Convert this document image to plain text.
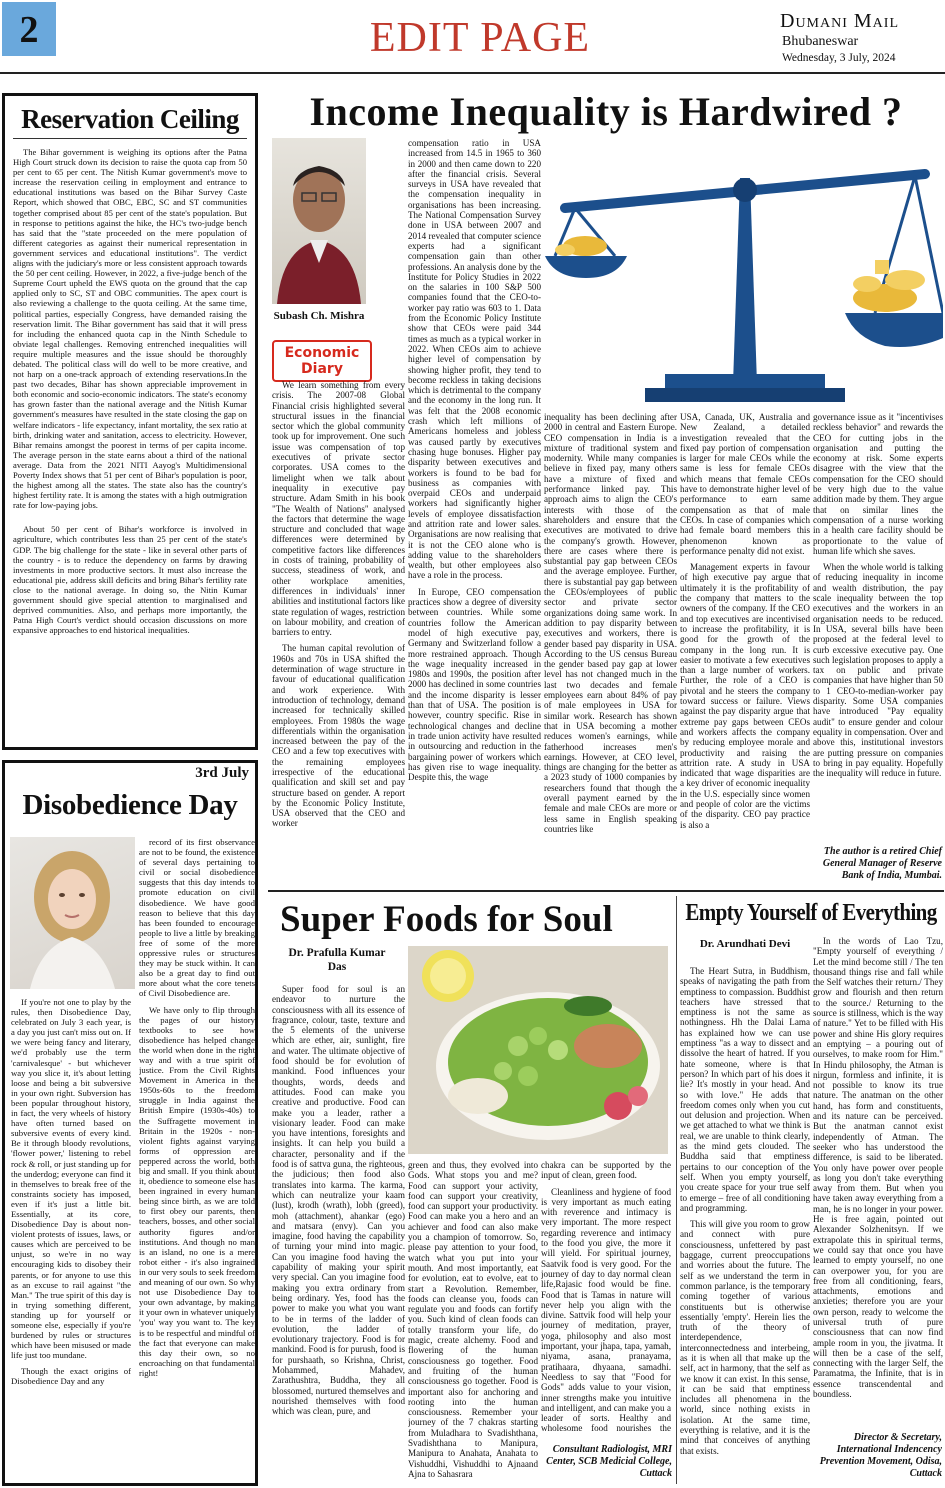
2	EDIT PAGE	Dumani Mail
Bhubaneswar
Wednesday, 3 July, 2024
Reservation Ceiling

The Bihar government is weighing its options after the Patna High Court struck down its decision to raise the quota cap from 50 per cent to 65 per cent. The Nitish Kumar government's move to increase the reservation ceiling in employment and entrance to educational institutions was based on the Bihar Survey Caste Report, which showed that OBC, EBC, SC and ST communities together comprised about 85 per cent of the state's population. But in response to petitions against the hike, the HC's two-judge bench has said that the "state proceeded on the mere population of different categories as against their numerical representation in government services and educational institutions". The verdict aligns with the judiciary's more or less consistent approach towards the 50 per cent ceiling. However, in 2022, a five-judge bench of the Supreme Court upheld the EWS quota on the ground that the cap applied only to SC, ST and OBC communities. The apex court is also reviewing a challenge to the quota ceiling. At the same time, political parties, especially Congress, have demanded raising the reservation limit. The Bihar government has said that it will press for including the enhanced quota cap in the Ninth Schedule to obviate legal challenges. Removing entrenched inequalities will require multiple measures and the issue should be thoroughly debated. The political class will do well to be more creative, and not harp on a one-track approach of extending reservations.In the past two decades, Bihar has shown appreciable improvement in both economic and socio-economic indicators. The state's economy has grown faster than the national average and the Nitish Kumar government's measures have resulted in the state closing the gap on welfare indicators - life expectancy, infant mortality, the sex ratio at birth, drinking water and sanitation, access to electricity. However, Bihar remains amongst the poorest in terms of per capita income. The average person in the state earns about a third of the national average. Data from the 2021 NITI Aayog's Multidimensional Poverty Index shows that 51 per cent of Bihar's population is poor, the highest among all the states. The state also has the country's highest fertility rate. It is among the states with a high outmigration rate for low-paying jobs.

About 50 per cent of Bihar's workforce is involved in agriculture, which contributes less than 25 per cent of the state's GDP. The big challenge for the state - like in several other parts of the country - is to reduce the dependency on farms by drawing investments in more productive sectors. It must also increase the educational pie, address skill deficits and bring Bihar's fertility rate close to the national average. In doing so, the Nitin Kumar government should give special attention to marginalised and deprived communities. Also, and perhaps more importantly, the Patna High Court's verdict should occasion discussions on more expansive approaches to end historical inequalities.

3rd July
Disobedience Day

If you're not one to play by the rules, then Disobedience Day, celebrated on July 3 each year, is a day you just can't miss out on. If we were being fancy and literary, we'd probably use the term 'carnivalesque' - but whichever way you slice it, it's about letting loose and being a bit subversive in your own right. Subversion has been popular throughout history, in fact, the very wheels of history have often turned based on subversive events of every kind. Be it through bloody revolutions, 'flower power,' listening to rebel rock & roll, or just standing up for the underdog; everyone can find it in themselves to break free of the constraints society has imposed, even if it's just a little bit. Essentially, at its core, Disobedience Day is about non-violent protests of issues, laws, or causes which are perceived to be unjust, so we're in no way encouraging kids to disobey their parents, or for anyone to use this as an excuse to rail against "the Man." The true spirit of this day is in trying something different, standing up for yourself or someone else, especially if you're burdened by rules or structures which have been misused or made life just too mundane.

Though the exact origins of Disobedience Day and any

record of its first observance are not to be found, the existence of several days pertaining to civil or social disobedience suggests that this day intends to promote education on civil disobedience. We have good reason to believe that this day has been founded to encourage people to live a little by breaking free of some of the more oppressive rules or structures they may be stuck within. It can also be a great day to find out more about what the core tenets of Civil Disobedience are.

We have only to flip through the pages of our history textbooks to see how disobedience has helped change the world when done in the right way and with a true spirit of justice. From the Civil Rights Movement in America in the 1950s-60s to the freedom struggle in India against the British Empire (1930s-40s) to the Suffragette movement in Britain in the 1920s - non-violent fights against varying forms of oppression are peppered across the world, both big and small. If you think about it, obedience to someone else has been ingrained in every human being since birth, as we are told to first obey our parents, then teachers, bosses, and other social authority figures and/or institutions. And though no man is an island, no one is a mere robot either - it's also ingrained in our very souls to seek freedom and meaning of our own. So why not use Disobedience Day to your own advantage, by making it your own in whatever uniquely 'you' way you want to. The key is to be respectful and mindful of the fact that everyone can make this day their own, so no encroaching on that fundamental right!

Income Inequality is Hardwired ?
Subash Ch. Mishra
Economic Diary

We learn something from every crisis. The 2007-08 Global Financial crisis highlighted several structural issues in the financial sector which the global community took up for improvement. One such issue was compensation of top executives of private sector corporates. USA comes to the limelight when we talk about inequality in executive pay structure. Adam Smith in his book "The Wealth of Nations" analysed the factors that determine the wage structure and concluded that wage differences were determined by competitive factors like differences in costs of training, probability of success, steadiness of work, and other workplace amenities, differences in individuals' inner abilities and institutional factors like state regulation of wages, restriction on labour mobility, and creation of barriers to entry.

The human capital revolution of 1960s and 70s in USA shifted the determination of wage structure in favour of educational qualification and work experience. With introduction of technology, demand increased for technically skilled employees. From 1980s the wage differentials within the organisation increased between the pay of the CEO and a few top executives with the remaining employees irrespective of the educational qualification and skill set and pay structure based on gender. A report by the Economic Policy Institute, USA observed that the CEO and worker

compensation ratio in USA increased from 14.5 in 1965 to 360 in 2000 and then came down to 220 after the financial crisis. Several surveys in USA have revealed that the compensation inequality in organisations has been increasing. The National Compensation Survey done in USA between 2007 and 2014 revealed that computer science experts had a significant compensation gain than other professions. An analysis done by the Institute for Policy Studies in 2022 on the salaries in 100 S&P 500 companies found that the CEO-to-worker pay ratio was 603 to 1. Data from the Economic Policy Institute show that CEOs were paid 344 times as much as a typical worker in 2022. When CEOs aim to achieve higher level of compensation by showing higher profit, they tend to become reckless in taking decisions which is detrimental to the company and the economy in the long run. It was felt that the 2008 economic crash which left millions of Americans homeless and jobless was caused partly by executives chasing huge bonuses. Higher pay disparity between executives and workers is found to be bad for business as companies with overpaid CEOs and underpaid workers had significantly higher levels of employee dissatisfaction and attrition rate and lower sales. Organisations are now realising that it is not the CEO alone who is adding value to the shareholders wealth, but other employees also have a role in the process.

In Europe, CEO compensation practices show a degree of diversity between countries. While some countries follow the American model of high executive pay, Germany and Switzerland follow a more restrained approach. Though the wage inequality increased in 1980s and 1990s, the position after 2000 has declined in some countries and the income disparity is lesser than that of USA. The position is however, country specific. Rise in technological changes and decline in trade union activity have resulted in outsourcing and reduction in the bargaining power of workers which has given rise to wage inequality. Despite this, the wage

inequality has been declining after 2000 in central and Eastern Europe. CEO compensation in India is a mixture of traditional system and modernity. While many companies believe in fixed pay, many others have a mixture of fixed and performance linked pay. This approach aims to align the CEO's interests with those of the shareholders and ensure that the executives are motivated to drive the company's growth. However, there are cases where there is substantial pay gap between CEOs and the average employee. Further, there is substantial pay gap between the CEOs/employees of public sector and private sector organizations doing same work. In addition to pay disparity between executives and workers, there is gender based pay disparity in USA. According to the US census Bureau the gender based pay gap at lower level has not changed much in the last two decades and female employees earn about 84% of pay of male employees in USA for similar work. Research has shown that in USA becoming a mother reduces women's earnings, while fatherhood increases men's earnings. However, at CEO level, things are changing for the better as a 2023 study of 1000 companies by researchers found that though the overall payment earned by the female and male CEOs are more or less same in English speaking countries like

USA, Canada, UK, Australia and New Zealand, a detailed investigation revealed that the fixed pay portion of compensation is larger for male CEOs while the same is less for female CEOs which means that female CEOs have to demonstrate higher level of performance to earn same compensation as that of male CEOs. In case of companies which had female board members this phenomenon known as performance penalty did not exist.

Management experts in favour of high executive pay argue that ultimately it is the profitability of the company that matters to the owners of the company. If the CEO and top executives are incentivised to increase the profitability, it is good for the growth of the company in the long run. It is easier to motivate a few executives than a large number of workers. Further, the role of a CEO is pivotal and he steers the company toward success or failure. Views against the pay disparity argue that extreme pay gaps between CEOs and workers affects the company by reducing employee morale and productivity and raising the attrition rate. A study in USA indicated that wage disparities are a key driver of economic inequality in the U.S. especially since women and people of color are the victims of the disparity. CEO pay practice is also a

governance issue as it "incentivises reckless behavior" and rewards the CEO for cutting jobs in the organisation and putting the economy at risk. Some experts disagree with the view that the compensation for the CEO should be very high due to the value addition made by them. They argue that on similar lines the compensation of a nurse working in a health care facility should be proportionate to the value of human life which she saves.

When the whole world is talking of reducing inequality in income and wealth distribution, the pay scale inequality between the top executives and the workers in an organisation needs to be reduced. In USA, several bills have been proposed at the federal level to curb excessive executive pay. One such legislation proposes to apply a tax on public and private companies that have higher than 50 to 1 CEO-to-median-worker pay disparity. Some USA companies have introduced "Pay equality audit" to ensure gender and colour equality in compensation. Over and above this, institutional investors are putting pressure on companies to bring in pay equality. Hopefully the inequality will reduce in future.

The author is a retired Chief
General Manager of Reserve
Bank of India, Mumbai.
Super Foods for Soul
Dr. Prafulla Kumar
Das

Super food for soul is an endeavor to nurture the consciousness with all its essence of fragrance, colour, taste, texture and the 5 elements of the universe which are ether, air, sunlight, fire and water. The ultimate objective of food should be for evolution of mankind. Food influences your thoughts, words, deeds and attitudes. Food can make you creative and productive. Food can make you a leader, rather a visionary leader. Food can make you have intentions, foresights and insights. It can help you build a character, personality and if the food is of sattva guna, the righteous, the judicious; then food also translates into karma. The karma, which can neutralize your kaam (lust), krodh (wrath), lobh (greed), moh (attachment), ahankar (ego) and matsara (envy). Can you imagine, food having the capability of turning your mind into magic. Can you imagine food having the capability of making your spirit very special. Can you imagine food making you extra ordinary from being ordinary. Yes, food has the power to make you what you want to be in terms of the ladder of evolution, the ladder of evolutionary trajectory. Food is for mankind. Food is for purush, food is for purshaath, so Krishna, Christ, Mohammed, Mahadev, Zarathushtra, Buddha, they all blossomed, nurtured themselves and nourished themselves with food which was clean, pure, and

green and thus, they evolved into Gods. What stops you and me? Food can support your activity, food can support your creativity, food can support your productivity. Food can make you a hero and an achiever and food can also make you a champion of tomorrow. So, please pay attention to your food, watch what you put into your mouth. And most importantly, eat for evolution, eat to evolve, eat to start a Revolution. Remember, foods can cleanse you, foods can regulate you and foods can fortify you. Such kind of clean foods can totally transform your life, do magic, create alchemy. Food and flowering of the human consciousness go together. Food and fruiting of the human consciousness go together. Food is important also for anchoring and rooting into the human consciousness. Remember your journey of the 7 chakras starting from Muladhara to Svadishthana, Svadishthana to Manipura, Manipura to Anahata, Anahata to Vishuddhi, Vishuddhi to Ajnaand Ajna to Sahasrara

chakra can be supported by the input of clean, green food.

Cleanliness and hygiene of food is very important as much eating with reverence and intimacy is very important. The more respect regarding reverence and intimacy to the food you give, the more it will yield. For spiritual journey, Saatvik food is very good. For the journey of day to day normal clean life,Rajasic food would be fine. Food that is Tamas in nature will never help you align with the divine. Sattvik food will help your journey of meditation, prayer, yoga, philosophy and also most important, your jhapa, tapa, yamah, niyama, asana, pranayama, pratihaara, dhyaana, samadhi. Needless to say that "Food for Gods" adds value to your vision, inner strengths make you intuitive and intelligent, and can make you a leader of sorts. Healthy and wholesome food nourishes the

Consultant Radiologist, MRI
Center, SCB Medicial College,
Cuttack
Empty Yourself of Everything
Dr. Arundhati Devi

The Heart Sutra, in Buddhism, speaks of navigating the path from emptiness to compassion. Buddhist teachers have stressed that emptiness is not the same as nothingness. Hh the Dalai Lama has explained how we can use emptiness "as a way to dissect and dissolve the heart of hatred. If you hate someone, where is that person? In which part of his does it lie? It's mostly in your head. And so with love." He adds that freedom comes only when you cut out delusion and projection. When we get attached to what we think is real, we are unable to think clearly, as the mind gets clouded. The Buddha said that emptiness pertains to our conception of the self. When you empty yourself, you create space for your true self to emerge – free of all conditioning and programming.

This will give you room to grow and connect with pure consciousness, unfettered by past baggage, current preoccupations and worries about the future. The self as we understand the term in common parlance, is the temporary coming together of various constituents but is otherwise essentially 'empty'. Herein lies the truth of the theory of interdependence, interconnectedness and interbeing, as it is when all that make up the self, act in harmony, that the self as we know it can exist. In this sense, it can be said that emptiness includes all phenomena in the world, since nothing exists in isolation. At the same time, everything is relative, and it is the mind that conceives of anything that exists.

In the words of Lao Tzu, "Empty yourself of everything / Let the mind become still / The ten thousand things rise and fall while the Self watches their return./ They grow and flourish and then return to the source./ Returning to the source is stillness, which is the way of nature." Yet to be filled with His power and shine His glory requires an emptying – a pouring out of ourselves, to make room for Him." In Hindu philosophy, the Atman is nirgun, formless and infinite, it is not possible to know its true nature. The anatman on the other hand, has form and constituents, and its nature can be perceived. But the anatman cannot exist independently of Atman. The seeker who has understood the difference, is said to be liberated. You only have power over people as long you don't take everything away from them. But when you have taken away everything from a man, he is no longer in your power. He is free again, pointed out Alexander Solzhenitsyn. If we extrapolate this in spiritual terms, we could say that once you have learned to empty yourself, no one can overpower you, for you are free from all conditioning, fears, attachments, emotions and anxieties; therefore you are your own person, ready to welcome the universal truth of pure consciousness that can now find ample room in you, the jivatma. It will then be a case of the self, connecting with the larger Self, the Paramatma, the Infinite, that is in essence transcendental and boundless.

Director & Secretary,
International Indencency
Prevention Movement, Odisa,
Cuttack
